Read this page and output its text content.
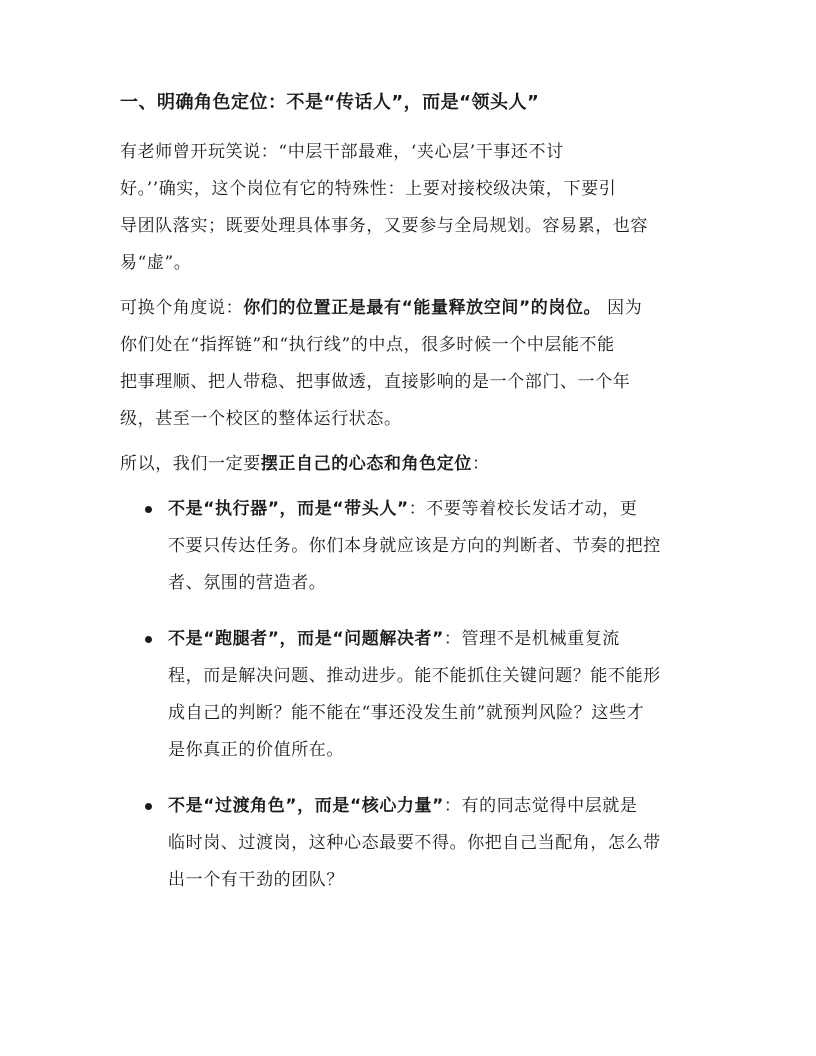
一、明确角色定位：不是“传话人”，而是“领头人”

有老师曾开玩笑说：“中层干部最难，‘夹心层’干事还不讨
好。’’确实，这个岗位有它的特殊性：上要对接校级决策，下要引
导团队落实；既要处理具体事务，又要参与全局规划。容易累，也容
易“虚”。

可换个角度说：你们的位置正是最有“能量释放空间”的岗位。 因为
你们处在“指挥链”和“执行线”的中点，很多时候一个中层能不能
把事理顺、把人带稳、把事做透，直接影响的是一个部门、一个年
级，甚至一个校区的整体运行状态。

所以，我们一定要摆正自己的心态和角色定位：

不是“执行器”，而是“带头人”：不要等着校长发话才动，更
不要只传达任务。你们本身就应该是方向的判断者、节奏的把控
者、氛围的营造者。
不是“跑腿者”，而是“问题解决者”：管理不是机械重复流
程，而是解决问题、推动进步。能不能抓住关键问题？能不能形
成自己的判断？能不能在“事还没发生前”就预判风险？这些才
是你真正的价值所在。
不是“过渡角色”，而是“核心力量”：有的同志觉得中层就是
临时岗、过渡岗，这种心态最要不得。你把自己当配角，怎么带
出一个有干劲的团队？
